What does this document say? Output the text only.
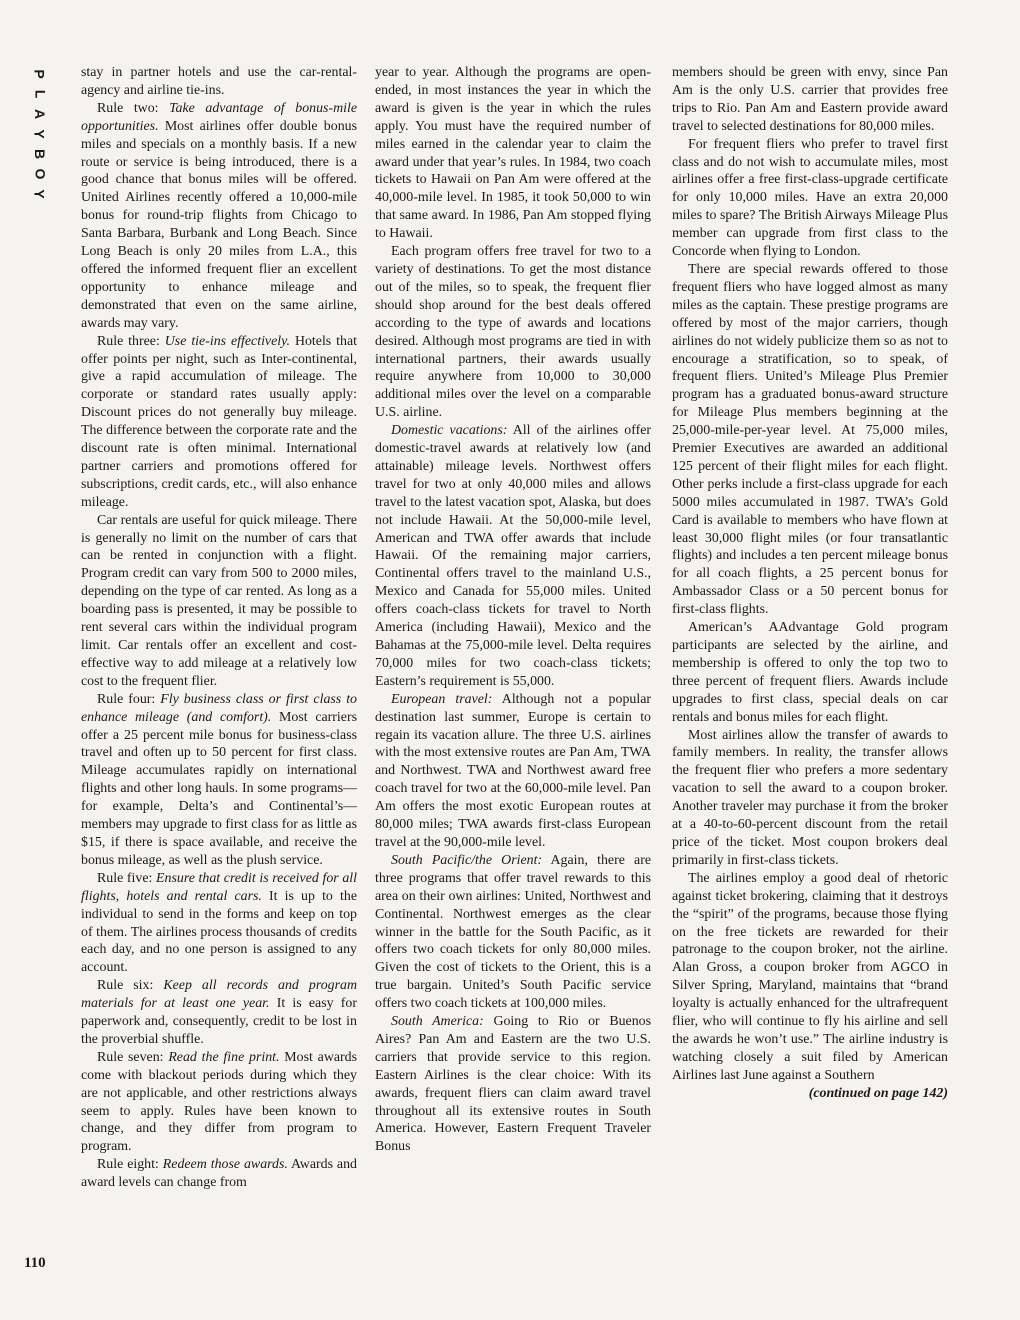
P
L
A
Y
B
O
Y

stay in partner hotels and use the car-rental-agency and airline tie-ins.

Rule two: Take advantage of bonus-mile opportunities. Most airlines offer double bonus miles and specials on a monthly basis. If a new route or service is being introduced, there is a good chance that bonus miles will be offered. United Airlines recently offered a 10,000-mile bonus for round-trip flights from Chicago to Santa Barbara, Burbank and Long Beach. Since Long Beach is only 20 miles from L.A., this offered the informed frequent flier an excellent opportunity to enhance mileage and demonstrated that even on the same airline, awards may vary.

Rule three: Use tie-ins effectively. Hotels that offer points per night, such as Inter-continental, give a rapid accumulation of mileage. The corporate or standard rates usually apply: Discount prices do not generally buy mileage. The difference between the corporate rate and the discount rate is often minimal. International partner carriers and promotions offered for subscriptions, credit cards, etc., will also enhance mileage.

Car rentals are useful for quick mileage. There is generally no limit on the number of cars that can be rented in conjunction with a flight. Program credit can vary from 500 to 2000 miles, depending on the type of car rented. As long as a boarding pass is presented, it may be possible to rent several cars within the individual program limit. Car rentals offer an excellent and cost-effective way to add mileage at a relatively low cost to the frequent flier.

Rule four: Fly business class or first class to enhance mileage (and comfort). Most carriers offer a 25 percent mile bonus for business-class travel and often up to 50 percent for first class. Mileage accumulates rapidly on international flights and other long hauls. In some programs—for example, Delta’s and Continental’s—members may upgrade to first class for as little as $15, if there is space available, and receive the bonus mileage, as well as the plush service.

Rule five: Ensure that credit is received for all flights, hotels and rental cars. It is up to the individual to send in the forms and keep on top of them. The airlines process thousands of credits each day, and no one person is assigned to any account.

Rule six: Keep all records and program materials for at least one year. It is easy for paperwork and, consequently, credit to be lost in the proverbial shuffle.

Rule seven: Read the fine print. Most awards come with blackout periods during which they are not applicable, and other restrictions always seem to apply. Rules have been known to change, and they differ from program to program.

Rule eight: Redeem those awards. Awards and award levels can change from

year to year. Although the programs are open-ended, in most instances the year in which the award is given is the year in which the rules apply. You must have the required number of miles earned in the calendar year to claim the award under that year’s rules. In 1984, two coach tickets to Hawaii on Pan Am were offered at the 40,000-mile level. In 1985, it took 50,000 to win that same award. In 1986, Pan Am stopped flying to Hawaii.

Each program offers free travel for two to a variety of destinations. To get the most distance out of the miles, so to speak, the frequent flier should shop around for the best deals offered according to the type of awards and locations desired. Although most programs are tied in with international partners, their awards usually require anywhere from 10,000 to 30,000 additional miles over the level on a comparable U.S. airline.

Domestic vacations: All of the airlines offer domestic-travel awards at relatively low (and attainable) mileage levels. Northwest offers travel for two at only 40,000 miles and allows travel to the latest vacation spot, Alaska, but does not include Hawaii. At the 50,000-mile level, American and TWA offer awards that include Hawaii. Of the remaining major carriers, Continental offers travel to the mainland U.S., Mexico and Canada for 55,000 miles. United offers coach-class tickets for travel to North America (including Hawaii), Mexico and the Bahamas at the 75,000-mile level. Delta requires 70,000 miles for two coach-class tickets; Eastern’s requirement is 55,000.

European travel: Although not a popular destination last summer, Europe is certain to regain its vacation allure. The three U.S. airlines with the most extensive routes are Pan Am, TWA and Northwest. TWA and Northwest award free coach travel for two at the 60,000-mile level. Pan Am offers the most exotic European routes at 80,000 miles; TWA awards first-class European travel at the 90,000-mile level.

South Pacific/the Orient: Again, there are three programs that offer travel rewards to this area on their own airlines: United, Northwest and Continental. Northwest emerges as the clear winner in the battle for the South Pacific, as it offers two coach tickets for only 80,000 miles. Given the cost of tickets to the Orient, this is a true bargain. United’s South Pacific service offers two coach tickets at 100,000 miles.

South America: Going to Rio or Buenos Aires? Pan Am and Eastern are the two U.S. carriers that provide service to this region. Eastern Airlines is the clear choice: With its awards, frequent fliers can claim award travel throughout all its extensive routes in South America. However, Eastern Frequent Traveler Bonus

members should be green with envy, since Pan Am is the only U.S. carrier that provides free trips to Rio. Pan Am and Eastern provide award travel to selected destinations for 80,000 miles.

For frequent fliers who prefer to travel first class and do not wish to accumulate miles, most airlines offer a free first-class-upgrade certificate for only 10,000 miles. Have an extra 20,000 miles to spare? The British Airways Mileage Plus member can upgrade from first class to the Concorde when flying to London.

There are special rewards offered to those frequent fliers who have logged almost as many miles as the captain. These prestige programs are offered by most of the major carriers, though airlines do not widely publicize them so as not to encourage a stratification, so to speak, of frequent fliers. United’s Mileage Plus Premier program has a graduated bonus-award structure for Mileage Plus members beginning at the 25,000-mile-per-year level. At 75,000 miles, Premier Executives are awarded an additional 125 percent of their flight miles for each flight. Other perks include a first-class upgrade for each 5000 miles accumulated in 1987. TWA’s Gold Card is available to members who have flown at least 30,000 flight miles (or four transatlantic flights) and includes a ten percent mileage bonus for all coach flights, a 25 percent bonus for Ambassador Class or a 50 percent bonus for first-class flights.

American’s AAdvantage Gold program participants are selected by the airline, and membership is offered to only the top two to three percent of frequent fliers. Awards include upgrades to first class, special deals on car rentals and bonus miles for each flight.

Most airlines allow the transfer of awards to family members. In reality, the transfer allows the frequent flier who prefers a more sedentary vacation to sell the award to a coupon broker. Another traveler may purchase it from the broker at a 40-to-60-percent discount from the retail price of the ticket. Most coupon brokers deal primarily in first-class tickets.

The airlines employ a good deal of rhetoric against ticket brokering, claiming that it destroys the “spirit” of the programs, because those flying on the free tickets are rewarded for their patronage to the coupon broker, not the airline. Alan Gross, a coupon broker from AGCO in Silver Spring, Maryland, maintains that “brand loyalty is actually enhanced for the ultrafrequent flier, who will continue to fly his airline and sell the awards he won’t use.” The airline industry is watching closely a suit filed by American Airlines last June against a Southern

(continued on page 142)
110
